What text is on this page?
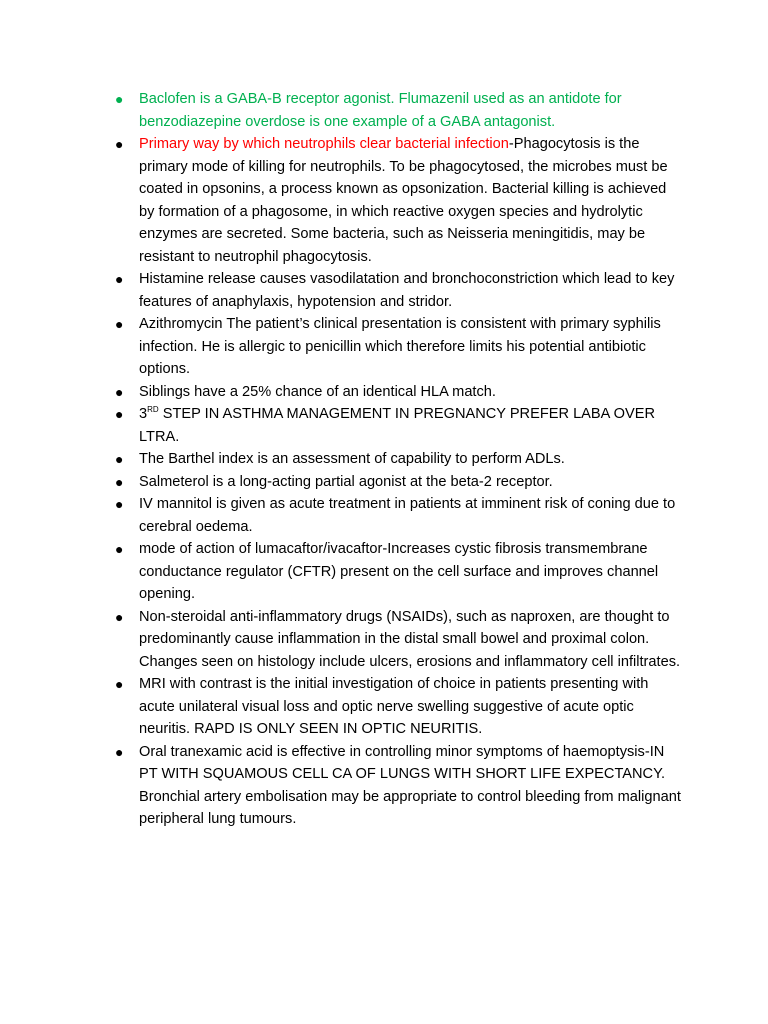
● Baclofen is a GABA-B receptor agonist. Flumazenil used as an antidote for benzodiazepine overdose is one example of a GABA antagonist.
● Primary way by which neutrophils clear bacterial infection-Phagocytosis is the primary mode of killing for neutrophils. To be phagocytosed, the microbes must be coated in opsonins, a process known as opsonization. Bacterial killing is achieved by formation of a phagosome, in which reactive oxygen species and hydrolytic enzymes are secreted. Some bacteria, such as Neisseria meningitidis, may be resistant to neutrophil phagocytosis.
● Histamine release causes vasodilatation and bronchoconstriction which lead to key features of anaphylaxis, hypotension and stridor.
● Azithromycin The patient’s clinical presentation is consistent with primary syphilis infection. He is allergic to penicillin which therefore limits his potential antibiotic options.
● Siblings have a 25% chance of an identical HLA match.
● 3RD STEP IN ASTHMA MANAGEMENT IN PREGNANCY PREFER LABA OVER LTRA.
● The Barthel index is an assessment of capability to perform ADLs.
● Salmeterol is a long-acting partial agonist at the beta-2 receptor.
● IV mannitol is given as acute treatment in patients at imminent risk of coning due to cerebral oedema.
● mode of action of lumacaftor/ivacaftor-Increases cystic fibrosis transmembrane conductance regulator (CFTR) present on the cell surface and improves channel opening.
● Non-steroidal anti-inflammatory drugs (NSAIDs), such as naproxen, are thought to predominantly cause inflammation in the distal small bowel and proximal colon. Changes seen on histology include ulcers, erosions and inflammatory cell infiltrates.
● MRI with contrast is the initial investigation of choice in patients presenting with acute unilateral visual loss and optic nerve swelling suggestive of acute optic neuritis. RAPD IS ONLY SEEN IN OPTIC NEURITIS.
● Oral tranexamic acid is effective in controlling minor symptoms of haemoptysis-IN PT WITH SQUAMOUS CELL CA OF LUNGS WITH SHORT LIFE EXPECTANCY. Bronchial artery embolisation may be appropriate to control bleeding from malignant peripheral lung tumours.
